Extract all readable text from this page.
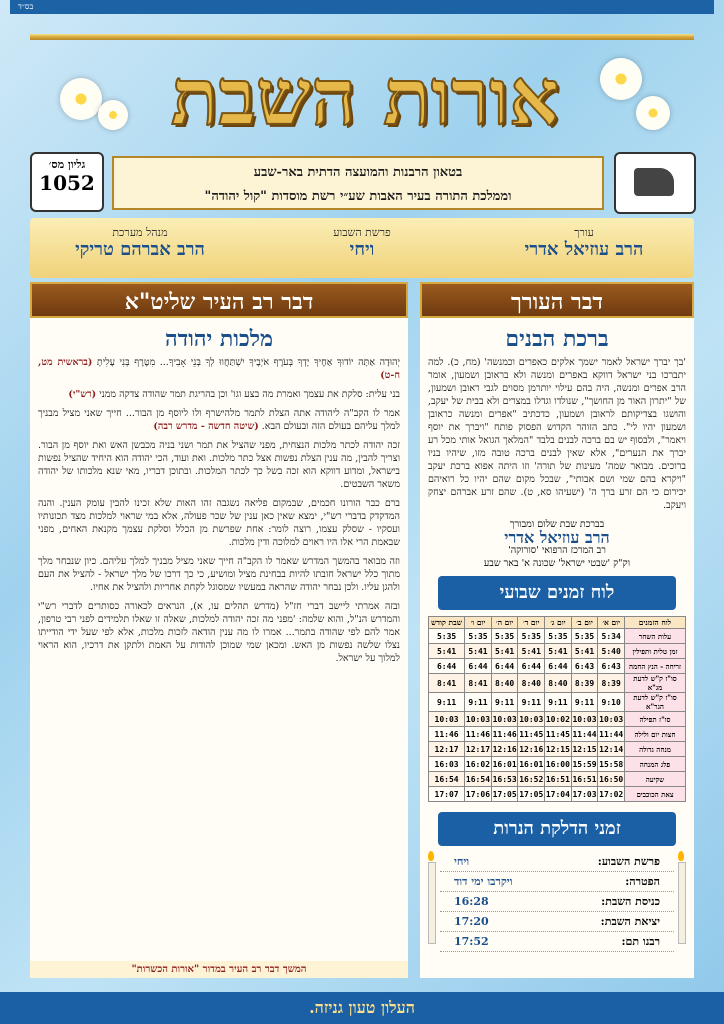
בס״ד
אורות השבת
גליון מס׳
1052	בטאון הרבנות והמועצה הדתית באר-שבע
וממלכת התורה בעיר האבות שע״י רשת מוסדות "קול יהודה"
עורך
הרב עוזיאל אדרי
פרשת השבוע
ויחי
מנהל מערכת
הרב אברהם טריקי
דבר העורך
ברכת הבנים

'בך יברך ישראל לאמר ישמך אלקים כאפרים וכמנשה' (מח, כ). למה יתברכו בני ישראל דווקא באפרים ומנשה ולא בראובן ושמעון, אומר הרב אפרים ומנשה, היה בהם עילוי יותרמן מסוים לגבי ראובן ושמעון, של "יתרון האור מן החושך", שנולדו וגדלו במצרים ולא בבית של יעקב, והושגו בצדיקותם לראובן ושמעון, כדכתיב "אפרים ומנשה כראובן ושמעון יהיו לי". כתב הזוהר הקדוש הפסוק פותח "ויברך את יוסף ויאמר", ולבסוף יש בם ברכה לבנים בלבד "המלאך הגואל אותי מכל רע יברך את הנערים", אלא שאין לבנים ברכה טובה מזו, שיהיו בניו ברוכים. מבואר שמה' מעינות של תורה' וזו היתה אפוא ברכת יעקב "ויקרא בהם שמי ושם אבותי", שבכל מקום שהם יהיו כל רואיהם יכירום כי הם זרע ברך ה' (ישעיהו סא, ט). שהם זרע אברהם יצחק ויעקב.

בברכת שבת שלום ומבורך
הרב עוזיאל אדרי
רב המרכז הרפואי 'סורוקה'
וק"ק 'שבטי ישראל' שכונה א' באר שבע
לוח זמנים שבועי
לוח הזמנים	יום א׳	יום ב׳	יום ג׳	יום ד׳	יום ה׳	יום ו׳	שבת קודש
עלות השחר	5:34	5:35	5:35	5:35	5:35	5:35	5:35
זמן טלית ותפילין	5:40	5:41	5:41	5:41	5:41	5:41	5:41
זריחה - הנץ החמה	6:43	6:43	6:44	6:44	6:44	6:44	6:44
סו"ז ק"ש לדעת מג"א	8:39	8:39	8:40	8:40	8:40	8:41	8:41
סו"ז ק"ש לדעת הגר"א	9:10	9:11	9:11	9:11	9:11	9:11	9:11
סו"ז תפילה	10:03	10:03	10:02	10:03	10:03	10:03	10:03
חצות יום ולילה	11:44	11:44	11:45	11:45	11:46	11:46	11:46
מנחה גדולה	12:14	12:15	12:15	12:16	12:16	12:17	12:17
פלג המנחה	15:58	15:59	16:00	16:01	16:01	16:02	16:03
שקיעה	16:50	16:51	16:51	16:52	16:53	16:54	16:54
צאת הכוכבים	17:02	17:03	17:04	17:05	17:05	17:06	17:07
זמני הדלקת הנרות
פרשת השבוע:
ויחי
הפטרה:
ויקרבו ימי דוד
כניסת השבת:
16:28
יציאת השבת:
17:20
רבנו תם:
17:52
דבר רב העיר שליט"א
מלכות יהודה

יְהוּדָה אַתָּה יוֹדוּךָ אַחֶיךָ יָדְךָ בְּעֹרֶף אֹיְבֶיךָ יִשְׁתַּחֲווּ לְךָ בְּנֵי אָבִיךָ... מִטֶּרֶף בְּנִי עָלִיתָ (בראשית מט, ח-ט)

בני עלית: סלקת את עצמך ואמרת מה בצע וגו' וכן בהריגת תמר שהודה צדקה ממני (רש"י)

אמר לו הקב"ה ליהודה אתה הצלת לתמר מלהישרף ולו ליוסף מן הבור... חייך שאני מציל מבניך למלך עליהם בעולם הזה ובעולם הבא. (שיטה חדשה - מדרש רבה)

זכה יהודה לכתר מלכות הנצחית, מפני שהציל את תמר ושני בניה מכבשן האש ואת יוסף מן הבור. וצריך להבין, מה ענין הצלת נפשות אצל כתר מלכות. ואת ועוד, הכי יהודה הוא היחיד שהציל נפשות בישראל, ומדוע דווקא הוא זכה בשל כך לכתר המלכות. ובתוכן דבריו, מאי שנא מלכותו של יהודה משאר השבטים.

ברם כבר הורונו חכמים, שבמקום פליאה נשגבה זהו האות שלא זכינו להבין עומק הענין. והנה המדקדק בדברי רש"י, ימצא שאין כאן ענין של שכר פעולה, אלא במי שראוי למלכות מצד תכונותיו ועסקיו - שסלק עצמו, רוצה לומר: אחת שפרשת מן הכלל וסלקת עצמך מקנאת האחים, מפני שבאמת הרי אלו היו ראוים למלוכה ודין מלכות.

וזה מבואר בהמשך המדרש שאמר לו הקב"ה חייך שאני מציל מבניך למלך עליהם. כיון שנבחר מלך מתוך כלל ישראל חובתו להיות בבחינת מציל ומושיע, כי כך דרכו של מלך ישראל - להציל את העם ולהגן עליו. ולכן נבחר יהודה שהראה במעשיו שמסוגל לקחת אחריות ולהציל את אחיו.

ובזה אמרתי ליישב דברי חז"ל (מדרש תהלים עו, א), הנראים לכאורה כסותרים לדברי רש"י והמדרש הנ"ל, והוא שלמה: 'מפני מה זכה יהודה למלכות, שאלה זו שאלו תלמידים לפני רבי טרפון, אמר להם לפי שהודה בתמר... אמרו לו מה ענין הודאה לזכות מלכות, אלא לפי שעל ידי הודייתו נצלו שלשה נפשות מן האש. ומכאן שמי שמוכן להודות על האמת ולתקן את דרכיו, הוא הראוי למלוך על ישראל.

המשך דבר רב העיר במדור "אורות הכשרות"
העלון טעון גניזה.
